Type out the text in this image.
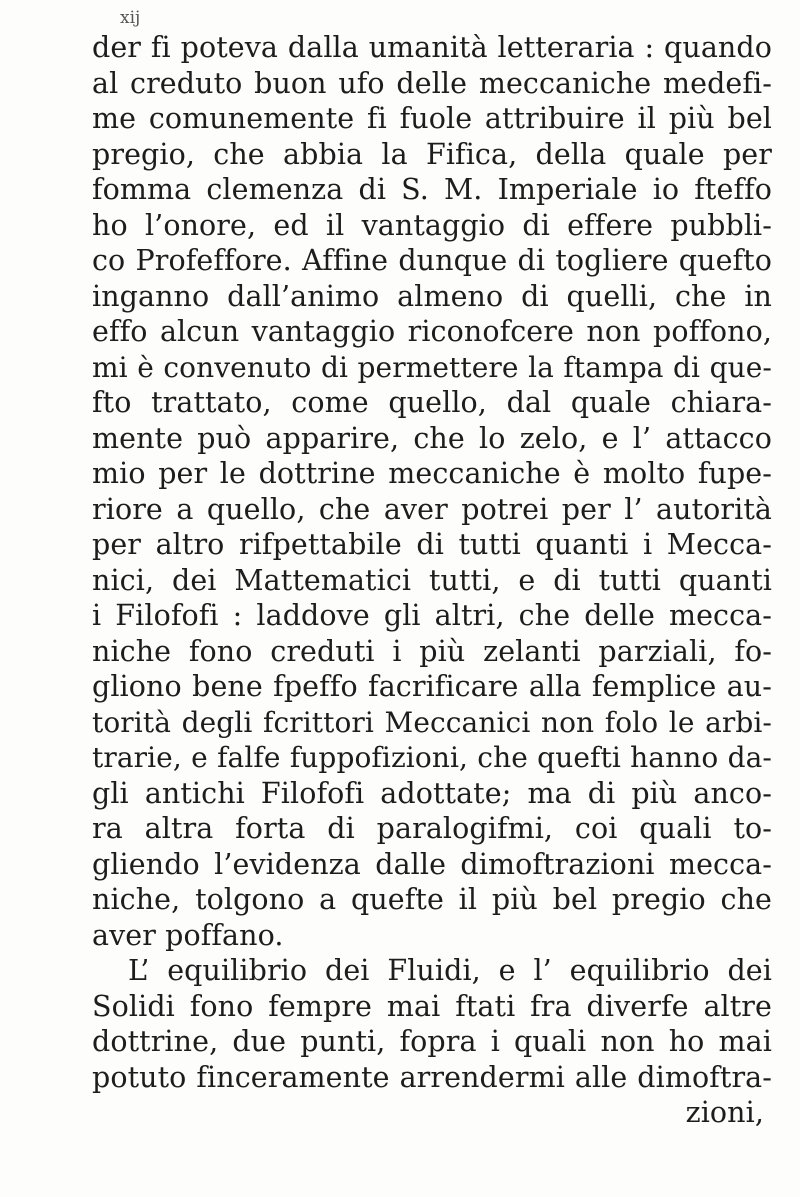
xij
der fi poteva dalla umanità letteraria : quando
al creduto buon ufo delle meccaniche medefi-
me comunemente fi fuole attribuire il più bel
pregio, che abbia la Fifica, della quale per
fomma clemenza di S. M. Imperiale io fteffo
ho l’onore, ed il vantaggio di effere pubbli-
co Profeffore. Affine dunque di togliere quefto
inganno dall’animo almeno di quelli, che in
effo alcun vantaggio riconofcere non poffono,
mi è convenuto di permettere la ftampa di que-
fto trattato, come quello, dal quale chiara-
mente può apparire, che lo zelo, e l’ attacco
mio per le dottrine meccaniche è molto fupe-
riore a quello, che aver potrei per l’ autorità
per altro rifpettabile di tutti quanti i Mecca-
nici, dei Mattematici tutti, e di tutti quanti
i Filofofi : laddove gli altri, che delle mecca-
niche fono creduti i più zelanti parziali, fo-
gliono bene fpeffo facrificare alla femplice au-
torità degli fcrittori Meccanici non folo le arbi-
trarie, e falfe fuppofizioni, che quefti hanno da-
gli antichi Filofofi adottate; ma di più anco-
ra altra forta di paralogifmi, coi quali to-
gliendo l’evidenza dalle dimoftrazioni mecca-
niche, tolgono a quefte il più bel pregio che
aver poffano.
L’ equilibrio dei Fluidi, e l’ equilibrio dei
Solidi fono fempre mai ftati fra diverfe altre
dottrine, due punti, fopra i quali non ho mai
potuto finceramente arrendermi alle dimoftra-
zioni,
